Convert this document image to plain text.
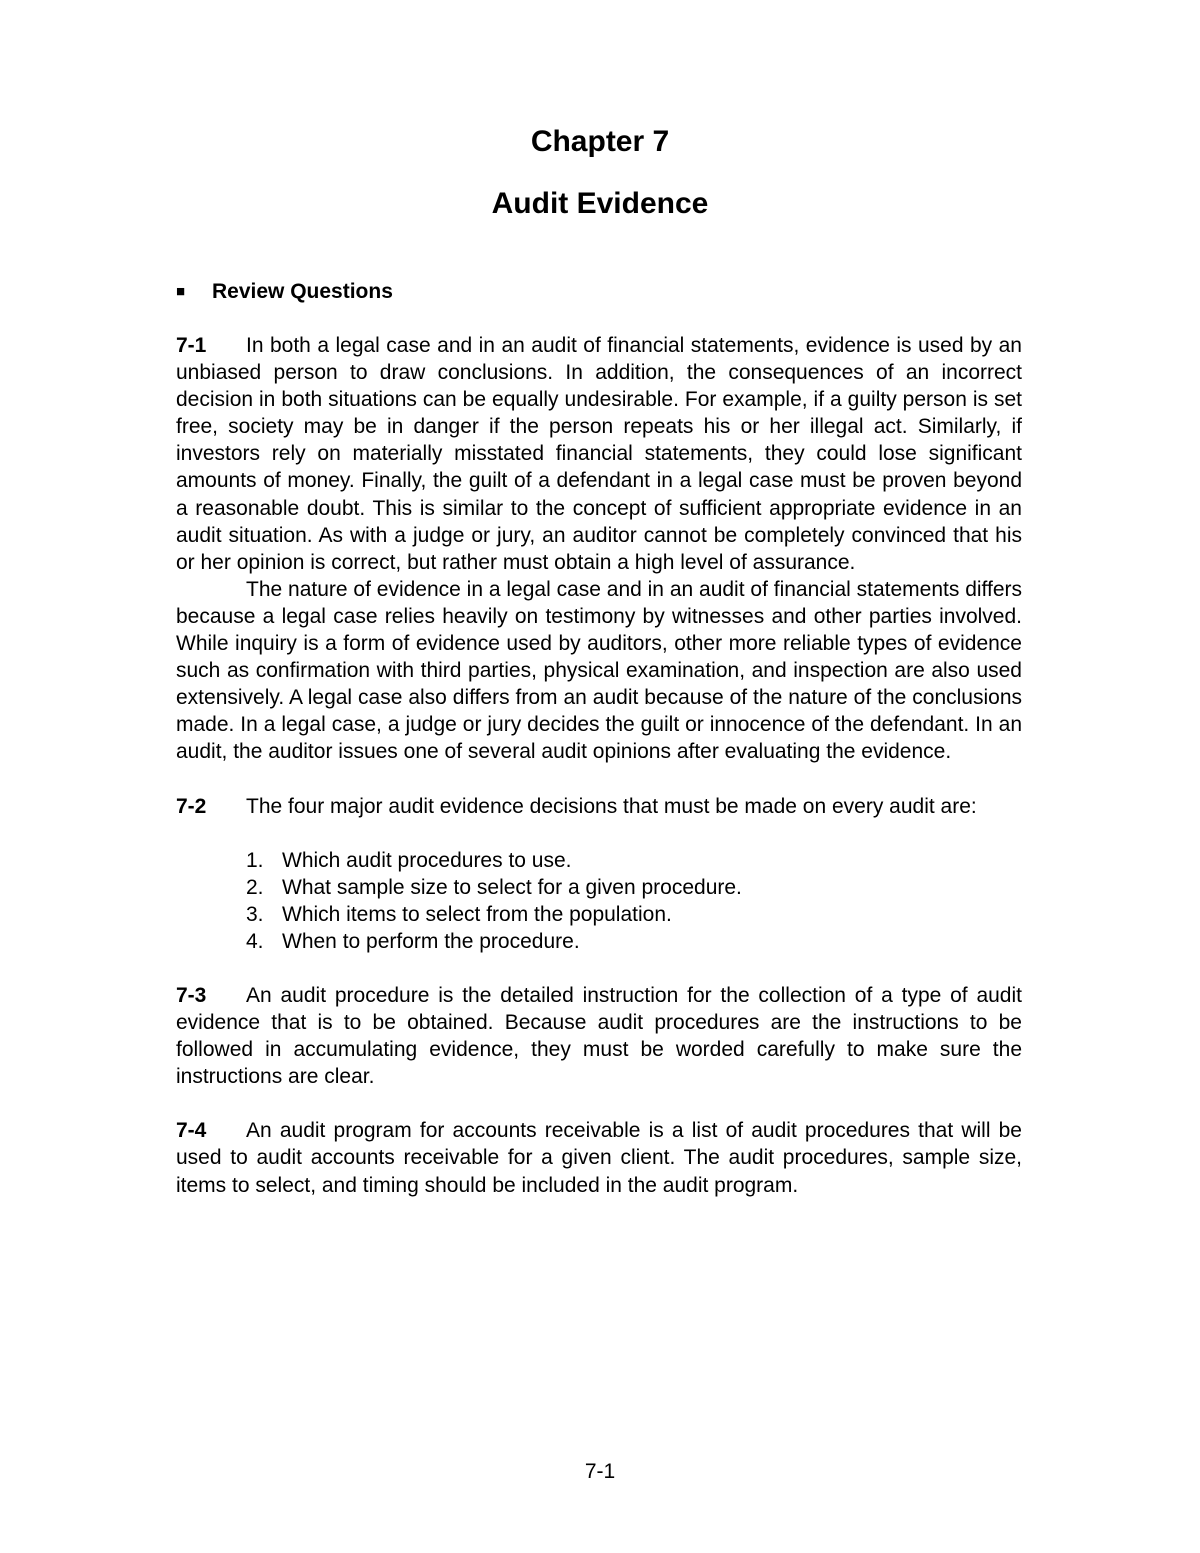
Chapter 7
Audit Evidence
■ Review Questions

7-1 In both a legal case and in an audit of financial statements, evidence is used by an unbiased person to draw conclusions. In addition, the consequences of an incorrect decision in both situations can be equally undesirable. For example, if a guilty person is set free, society may be in danger if the person repeats his or her illegal act. Similarly, if investors rely on materially misstated financial statements, they could lose significant amounts of money. Finally, the guilt of a defendant in a legal case must be proven beyond a reasonable doubt. This is similar to the concept of sufficient appropriate evidence in an audit situation. As with a judge or jury, an auditor cannot be completely convinced that his or her opinion is correct, but rather must obtain a high level of assurance.

The nature of evidence in a legal case and in an audit of financial statements differs because a legal case relies heavily on testimony by witnesses and other parties involved. While inquiry is a form of evidence used by auditors, other more reliable types of evidence such as confirmation with third parties, physical examination, and inspection are also used extensively. A legal case also differs from an audit because of the nature of the conclusions made. In a legal case, a judge or jury decides the guilt or innocence of the defendant. In an audit, the auditor issues one of several audit opinions after evaluating the evidence.

7-2 The four major audit evidence decisions that must be made on every audit are:

1. Which audit procedures to use.
2. What sample size to select for a given procedure.
3. Which items to select from the population.
4. When to perform the procedure.

7-3 An audit procedure is the detailed instruction for the collection of a type of audit evidence that is to be obtained. Because audit procedures are the instructions to be followed in accumulating evidence, they must be worded carefully to make sure the instructions are clear.

7-4 An audit program for accounts receivable is a list of audit procedures that will be used to audit accounts receivable for a given client. The audit procedures, sample size, items to select, and timing should be included in the audit program.

7-1
